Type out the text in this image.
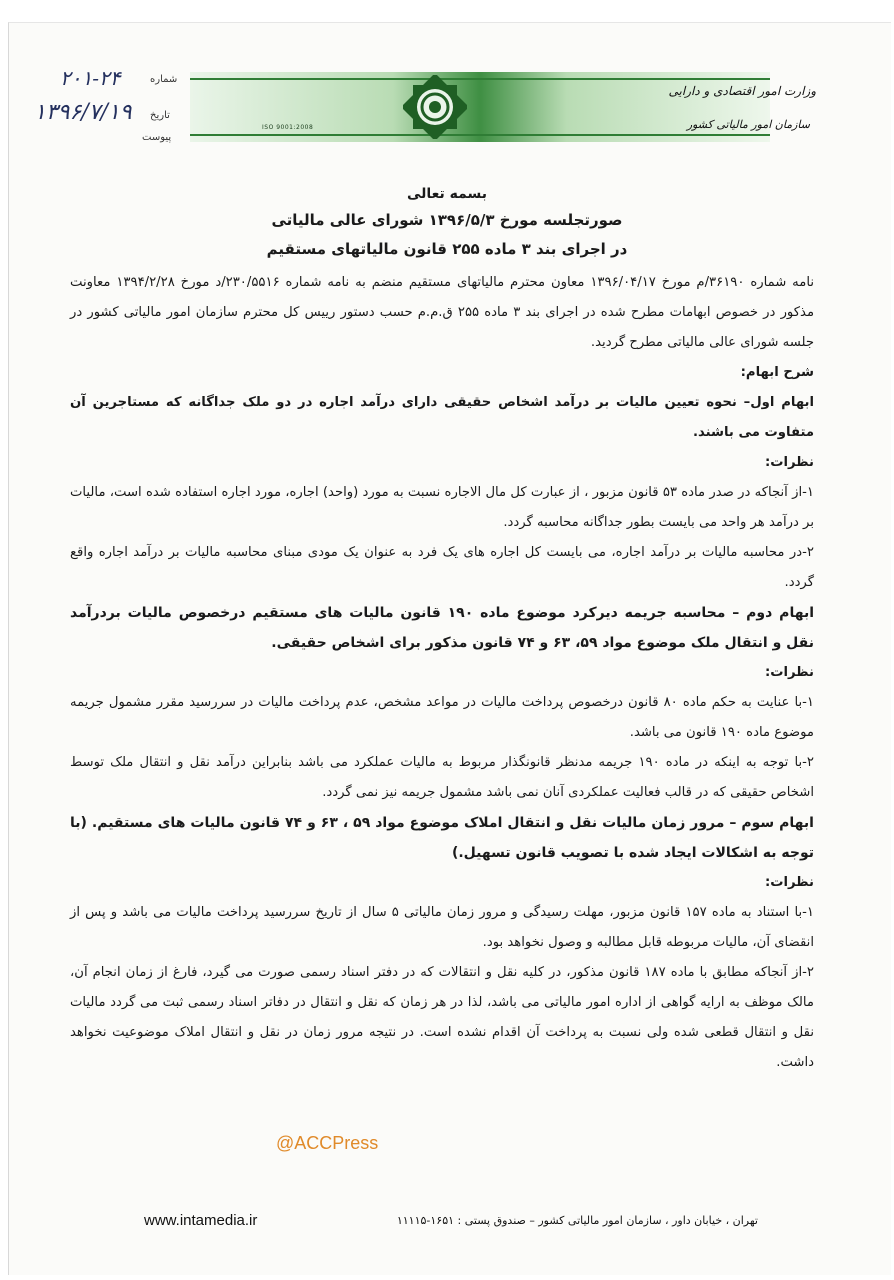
ISO 9001:2008
وزارت امور اقتصادی و دارایی
سازمان امور مالیاتی کشور
۲۰۱-۲۴	شماره
۱۳۹۶/۷/۱۹ تاریخ
پیوست
بسمه تعالی
صورتجلسه مورخ ۱۳۹۶/۵/۳ شورای عالی مالیاتی
در اجرای بند ۳ ماده ۲۵۵ قانون مالیاتهای مستقیم

نامه شماره ۳۶۱۹۰/م مورخ ۱۳۹۶/۰۴/۱۷ معاون محترم مالیاتهای مستقیم منضم به نامه شماره ۲۳۰/۵۵۱۶/د مورخ ۱۳۹۴/۲/۲۸ معاونت مذکور در خصوص ابهامات مطرح شده در اجرای بند ۳ ماده ۲۵۵ ق.م.م حسب دستور رییس کل محترم سازمان امور مالیاتی کشور در جلسه شورای عالی مالیاتی مطرح گردید.

شرح ابهام:

ابهام اول– نحوه تعیین مالیات بر درآمد اشخاص حقیقی دارای درآمد اجاره در دو ملک جداگانه که مستاجرین آن متفاوت می باشند.

نظرات:

۱-از آنجاکه در صدر ماده ۵۳ قانون مزبور ، از عبارت کل مال الاجاره نسبت به مورد (واحد) اجاره، مورد اجاره استفاده شده است، مالیات بر درآمد هر واحد می بایست بطور جداگانه محاسبه گردد.

۲-در محاسبه مالیات بر درآمد اجاره، می بایست کل اجاره های یک فرد به عنوان یک مودی مبنای محاسبه مالیات بر درآمد اجاره واقع گردد.

ابهام دوم – محاسبه جریمه دیرکرد موضوع ماده ۱۹۰ قانون مالیات های مستقیم درخصوص مالیات بردرآمد نقل و انتقال ملک موضوع مواد ۵۹، ۶۳ و ۷۴ قانون مذکور برای اشخاص حقیقی.

نظرات:

۱-با عنایت به حکم ماده ۸۰ قانون درخصوص پرداخت مالیات در مواعد مشخص، عدم پرداخت مالیات در سررسید مقرر مشمول جریمه موضوع ماده ۱۹۰ قانون می باشد.

۲-با توجه به اینکه در ماده ۱۹۰ جریمه مدنظر قانونگذار مربوط به مالیات عملکرد می باشد بنابراین درآمد نقل و انتقال ملک توسط اشخاص حقیقی که در قالب فعالیت عملکردی آنان نمی باشد مشمول جریمه نیز نمی گردد.

ابهام سوم – مرور زمان مالیات نقل و انتقال املاک موضوع مواد ۵۹ ، ۶۳ و ۷۴ قانون مالیات های مستقیم. (با توجه به اشکالات ایجاد شده با تصویب قانون تسهیل.)

نظرات:

۱-با استناد به ماده ۱۵۷ قانون مزبور، مهلت رسیدگی و مرور زمان مالیاتی ۵ سال از تاریخ سررسید پرداخت مالیات می باشد و پس از انقضای آن، مالیات مربوطه قابل مطالبه و وصول نخواهد بود.

۲-از آنجاکه مطابق با ماده ۱۸۷ قانون مذکور، در کلیه نقل و انتقالات که در دفتر اسناد رسمی صورت می گیرد، فارغ از زمان انجام آن، مالک موظف به ارایه گواهی از اداره امور مالیاتی می باشد، لذا در هر زمان که نقل و انتقال در دفاتر اسناد رسمی ثبت می گردد مالیات نقل و انتقال قطعی شده ولی نسبت به پرداخت آن اقدام نشده است. در نتیجه مرور زمان در نقل و انتقال املاک موضوعیت نخواهد داشت.

@ACCPress
www.intamedia.ir	تهران ، خیابان داور ، سازمان امور مالیاتی کشور – صندوق پستی : ۱۶۵۱-۱۱۱۱۵
